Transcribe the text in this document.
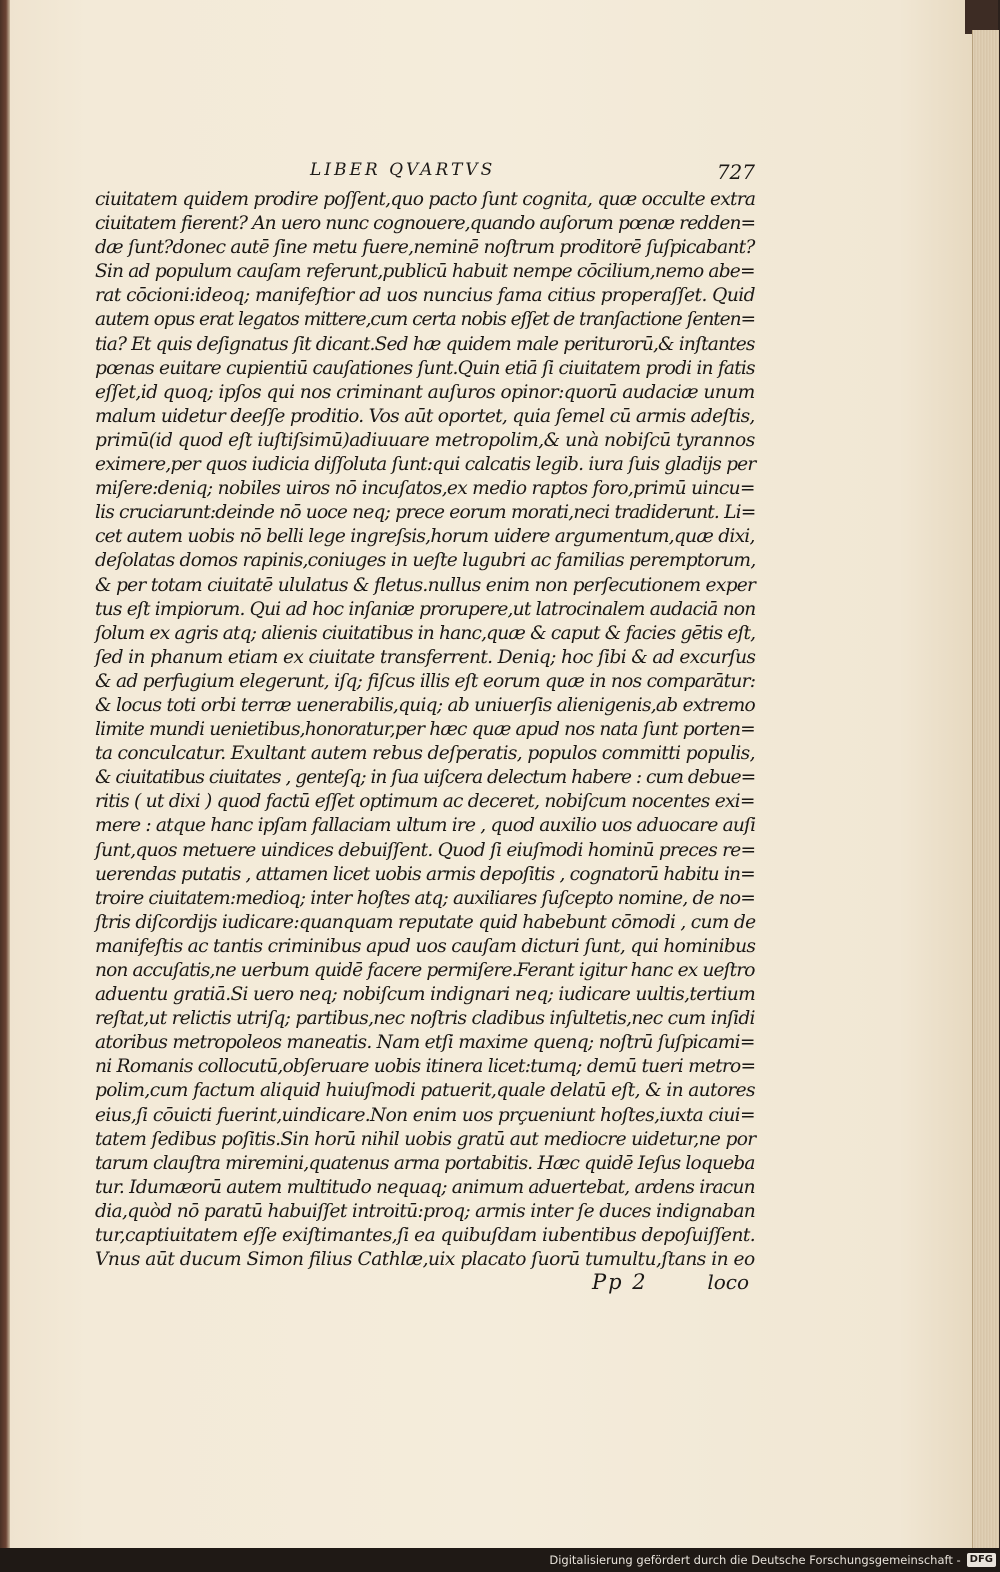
LIBER QVARTVS	727
ciuitatem quidem prodire poſſent,quo pacto ſunt cognita, quæ occulte extra
ciuitatem fierent? An uero nunc cognouere,quando auſorum pœnæ redden=
dæ ſunt?donec autē ſine metu fuere,neminē noſtrum proditorē ſuſpicabant?
Sin ad populum cauſam referunt,publicū habuit nempe cōcilium,nemo abe=
rat cōcioni:ideoq; manifeſtior ad uos nuncius fama citius properaſſet. Quid
autem opus erat legatos mittere,cum certa nobis eſſet de tranſactione ſenten=
tia? Et quis deſignatus ſit dicant.Sed hæ quidem male periturorū,& inſtantes
pœnas euitare cupientiū cauſationes ſunt.Quin etiā ſi ciuitatem prodi in fatis
eſſet,id quoq; ipſos qui nos criminant auſuros opinor:quorū audaciæ unum
malum uidetur deeſſe proditio. Vos aūt oportet, quia ſemel cū armis adeſtis,
primū(id quod eſt iuſtiſsimū)adiuuare metropolim,& unà nobiſcū tyrannos
eximere,per quos iudicia diſſoluta ſunt:qui calcatis legib. iura ſuis gladijs per
miſere:deniq; nobiles uiros nō incuſatos,ex medio raptos foro,primū uincu=
lis cruciarunt:deinde nō uoce neq; prece eorum morati,neci tradiderunt. Li=
cet autem uobis nō belli lege ingreſsis,horum uidere argumentum,quæ dixi,
deſolatas domos rapinis,coniuges in ueſte lugubri ac familias peremptorum,
& per totam ciuitatē ululatus & fletus.nullus enim non perſecutionem exper
tus eſt impiorum. Qui ad hoc inſaniæ prorupere,ut latrocinalem audaciā non
ſolum ex agris atq; alienis ciuitatibus in hanc,quæ & caput & facies gētis eſt,
ſed in phanum etiam ex ciuitate transferrent. Deniq; hoc ſibi & ad excurſus
& ad perfugium elegerunt, iſq; fiſcus illis eſt eorum quæ in nos comparātur:
& locus toti orbi terræ uenerabilis,quiq; ab uniuerſis alienigenis,ab extremo
limite mundi uenietibus,honoratur,per hæc quæ apud nos nata ſunt porten=
ta conculcatur. Exultant autem rebus deſperatis, populos committi populis,
& ciuitatibus ciuitates , genteſq; in ſua uiſcera delectum habere : cum debue=
ritis ( ut dixi ) quod factū eſſet optimum ac deceret, nobiſcum nocentes exi=
mere : atque hanc ipſam fallaciam ultum ire , quod auxilio uos aduocare auſi
ſunt,quos metuere uindices debuiſſent. Quod ſi eiuſmodi hominū preces re=
uerendas putatis , attamen licet uobis armis depoſitis , cognatorū habitu in=
troire ciuitatem:medioq; inter hoſtes atq; auxiliares ſuſcepto nomine, de no=
ſtris diſcordijs iudicare:quanquam reputate quid habebunt cōmodi , cum de
manifeſtis ac tantis criminibus apud uos cauſam dicturi ſunt, qui hominibus
non accuſatis,ne uerbum quidē facere permiſere.Ferant igitur hanc ex ueſtro
aduentu gratiā.Si uero neq; nobiſcum indignari neq; iudicare uultis,tertium
reſtat,ut relictis utriſq; partibus,nec noſtris cladibus inſultetis,nec cum inſidi
atoribus metropoleos maneatis. Nam etſi maxime quenq; noſtrū ſuſpicami=
ni Romanis collocutū,obſeruare uobis itinera licet:tumq; demū tueri metro=
polim,cum factum aliquid huiuſmodi patuerit,quale delatū eſt, & in autores
eius,ſi cōuicti fuerint,uindicare.Non enim uos prçueniunt hoſtes,iuxta ciui=
tatem ſedibus poſitis.Sin horū nihil uobis gratū aut mediocre uidetur,ne por
tarum clauſtra miremini,quatenus arma portabitis. Hæc quidē Ieſus loqueba
tur. Idumæorū autem multitudo nequaq; animum aduertebat, ardens iracun
dia,quòd nō paratū habuiſſet introitū:proq; armis inter ſe duces indignaban
tur,captiuitatem eſſe exiſtimantes,ſi ea quibuſdam iubentibus depoſuiſſent.
Vnus aūt ducum Simon filius Cathlæ,uix placato ſuorū tumultu,ſtans in eo
Pp 2	loco
Digitalisierung gefördert durch die Deutsche Forschungsgemeinschaft - DFG
